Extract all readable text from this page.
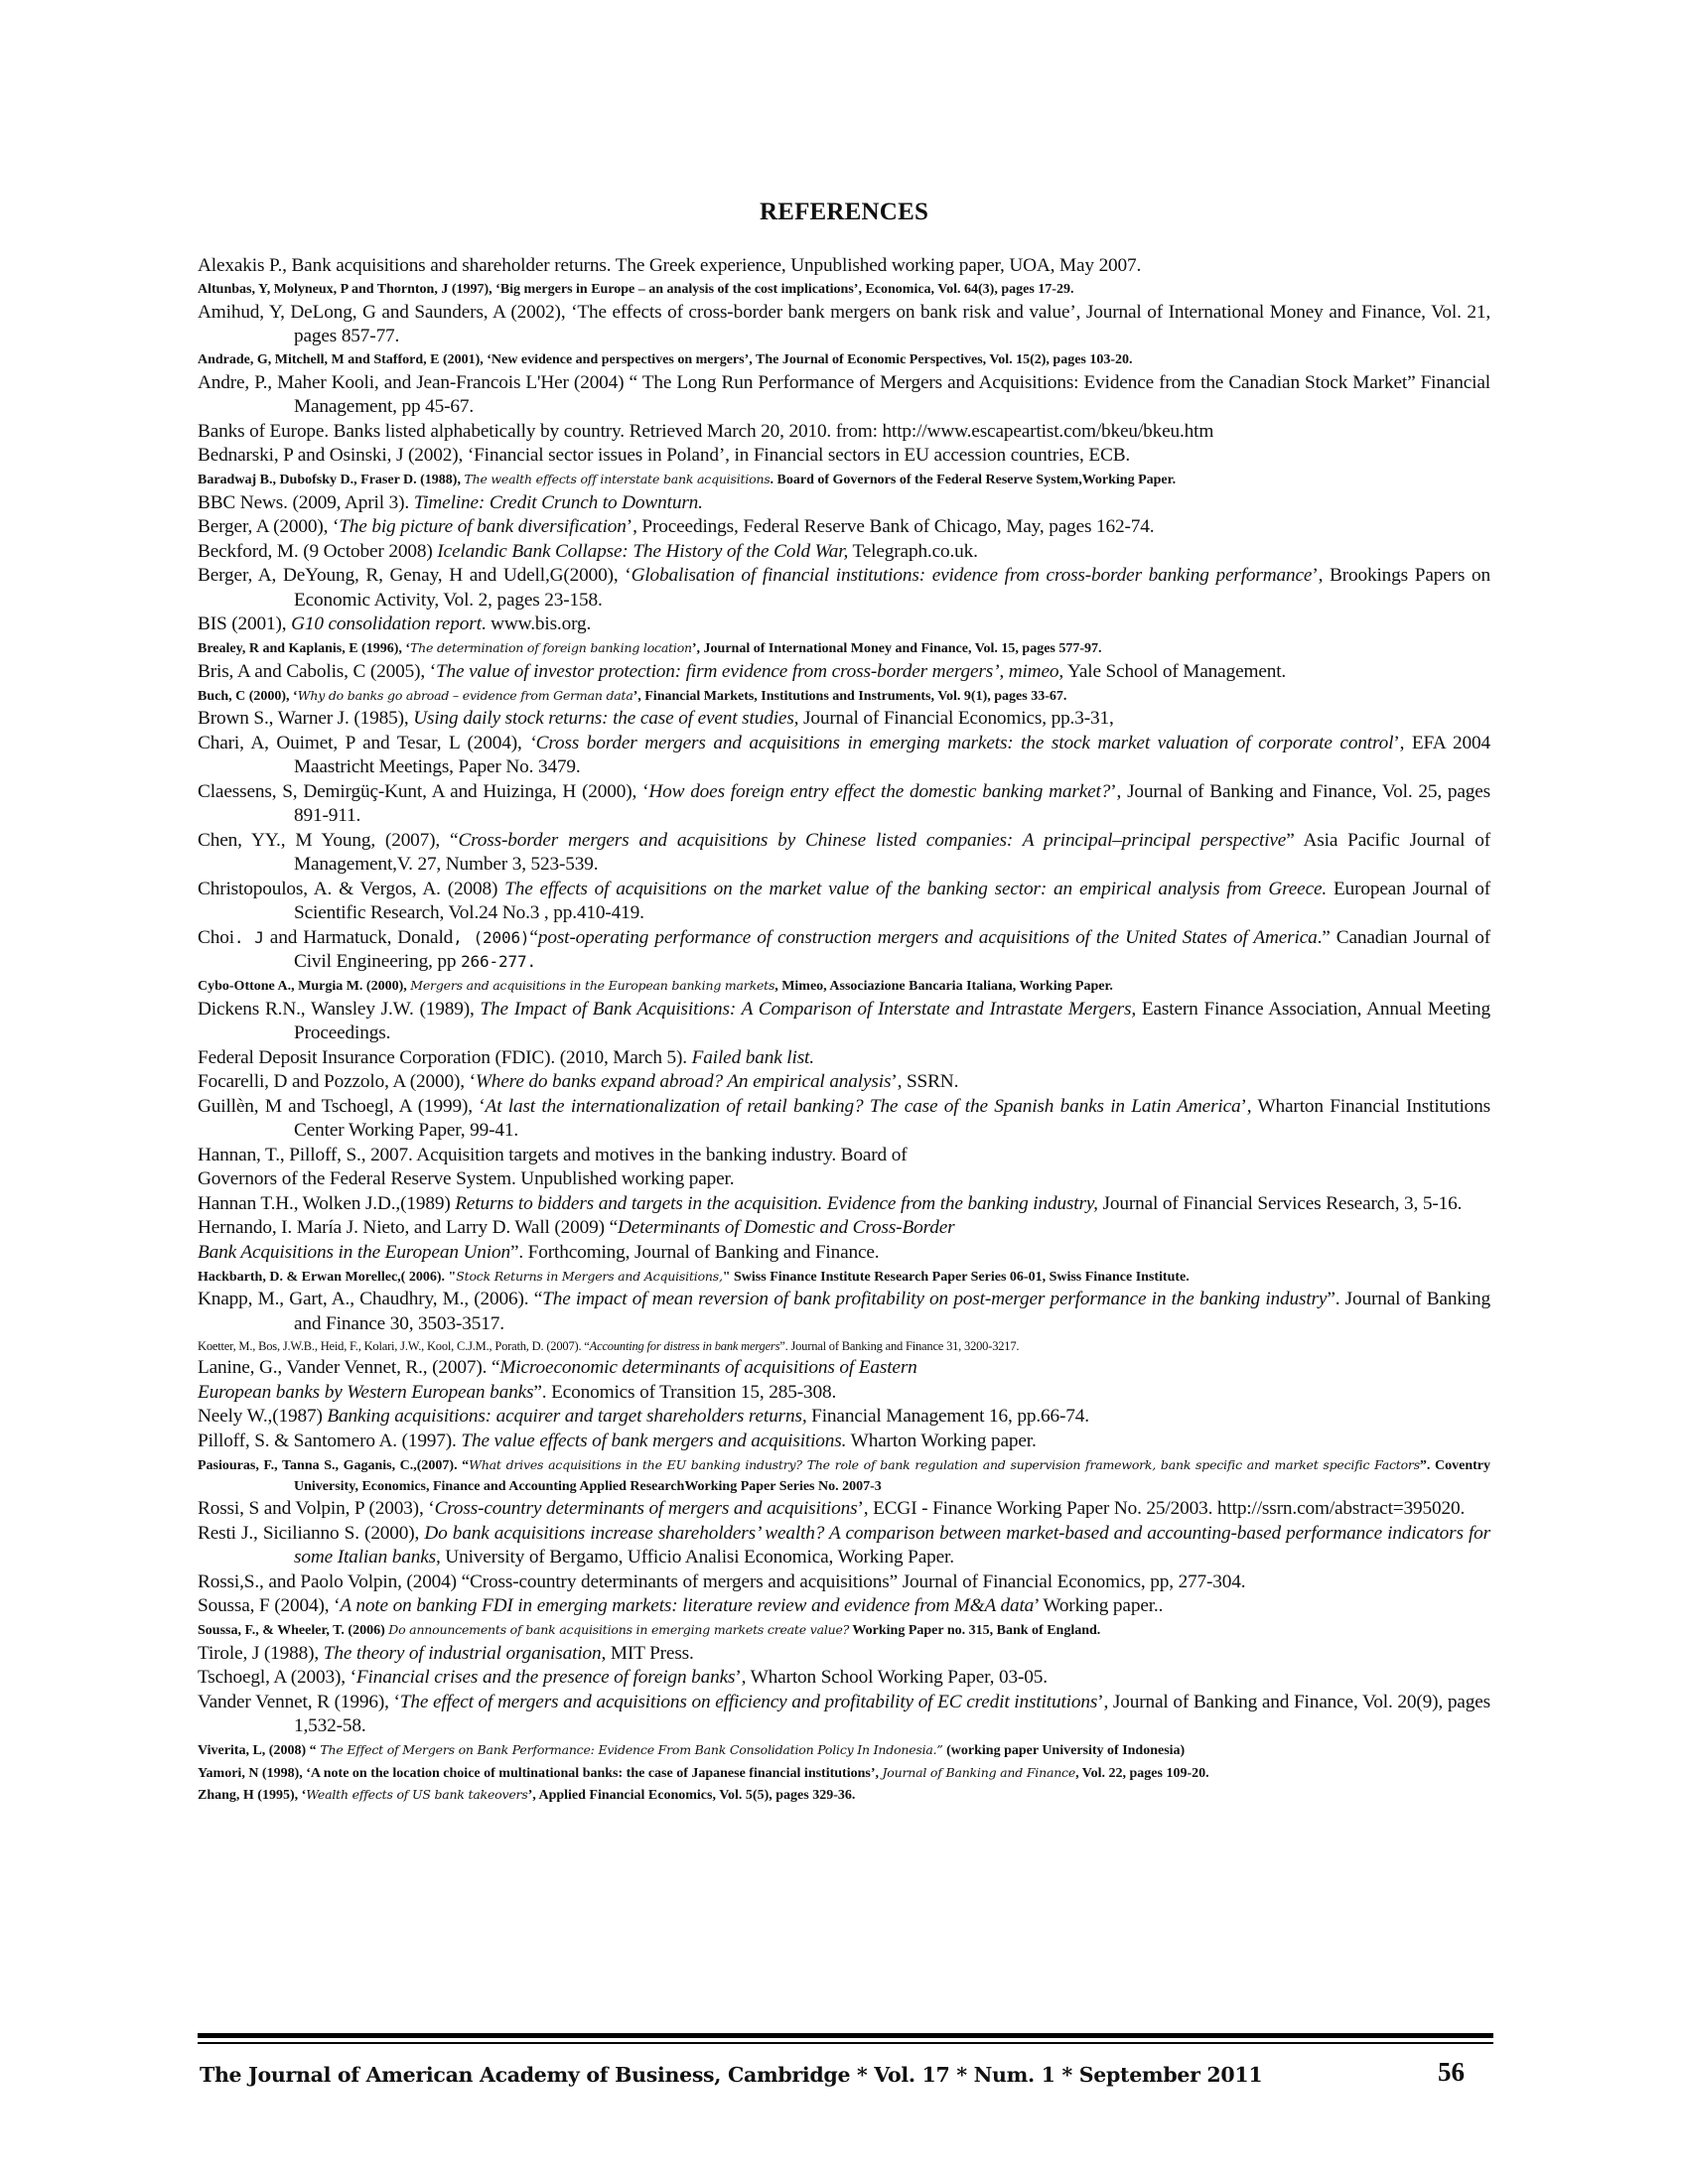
REFERENCES
Alexakis P., Bank acquisitions and shareholder returns. The Greek experience, Unpublished working paper, UOA, May 2007.
Altunbas, Y, Molyneux, P and Thornton, J (1997), ‘Big mergers in Europe – an analysis of the cost implications’, Economica, Vol. 64(3), pages 17-29.
Amihud, Y, DeLong, G and Saunders, A (2002), ‘The effects of cross-border bank mergers on bank risk and value’, Journal of International Money and Finance, Vol. 21, pages 857-77.
Andrade, G, Mitchell, M and Stafford, E (2001), ‘New evidence and perspectives on mergers’, The Journal of Economic Perspectives, Vol. 15(2), pages 103-20.
Andre, P., Maher Kooli, and Jean-Francois L'Her (2004) “ The Long Run Performance of Mergers and Acquisitions: Evidence from the Canadian Stock Market” Financial Management, pp 45-67.
Banks of Europe. Banks listed alphabetically by country. Retrieved March 20, 2010. from: http://www.escapeartist.com/bkeu/bkeu.htm
Bednarski, P and Osinski, J (2002), ‘Financial sector issues in Poland’, in Financial sectors in EU accession countries, ECB.
Baradwaj B., Dubofsky D., Fraser D. (1988), The wealth effects off interstate bank acquisitions. Board of Governors of the Federal Reserve System,Working Paper.
BBC News. (2009, April 3). Timeline: Credit Crunch to Downturn.
Berger, A (2000), ‘The big picture of bank diversification’, Proceedings, Federal Reserve Bank of Chicago, May, pages 162-74.
Beckford, M. (9 October 2008) Icelandic Bank Collapse: The History of the Cold War, Telegraph.co.uk.
Berger, A, DeYoung, R, Genay, H and Udell,G(2000), ‘Globalisation of financial institutions: evidence from cross-border banking performance’, Brookings Papers on Economic Activity, Vol. 2, pages 23-158.
BIS (2001), G10 consolidation report. www.bis.org.
Brealey, R and Kaplanis, E (1996), ‘The determination of foreign banking location’, Journal of International Money and Finance, Vol. 15, pages 577-97.
Bris, A and Cabolis, C (2005), ‘The value of investor protection: firm evidence from cross-border mergers’, mimeo, Yale School of Management.
Buch, C (2000), ‘Why do banks go abroad – evidence from German data’, Financial Markets, Institutions and Instruments, Vol. 9(1), pages 33-67.
Brown S., Warner J. (1985), Using daily stock returns: the case of event studies, Journal of Financial Economics, pp.3-31,
Chari, A, Ouimet, P and Tesar, L (2004), ‘Cross border mergers and acquisitions in emerging markets: the stock market valuation of corporate control’, EFA 2004 Maastricht Meetings, Paper No. 3479.
Claessens, S, Demirgüç-Kunt, A and Huizinga, H (2000), ‘How does foreign entry effect the domestic banking market?’, Journal of Banking and Finance, Vol. 25, pages 891-911.
Chen, YY., M Young, (2007), “Cross-border mergers and acquisitions by Chinese listed companies: A principal–principal perspective” Asia Pacific Journal of Management,V. 27, Number 3, 523-539.
Christopoulos, A. & Vergos, A. (2008) The effects of acquisitions on the market value of the banking sector: an empirical analysis from Greece. European Journal of Scientific Research, Vol.24 No.3 , pp.410-419.
Choi. J and Harmatuck, Donald, (2006)“post-operating performance of construction mergers and acquisitions of the United States of America.” Canadian Journal of Civil Engineering, pp 266-277.
Cybo-Ottone A., Murgia M. (2000), Mergers and acquisitions in the European banking markets, Mimeo, Associazione Bancaria Italiana, Working Paper.
Dickens R.N., Wansley J.W. (1989), The Impact of Bank Acquisitions: A Comparison of Interstate and Intrastate Mergers, Eastern Finance Association, Annual Meeting Proceedings.
Federal Deposit Insurance Corporation (FDIC). (2010, March 5). Failed bank list.
Focarelli, D and Pozzolo, A (2000), ‘Where do banks expand abroad? An empirical analysis’, SSRN.
Guillèn, M and Tschoegl, A (1999), ‘At last the internationalization of retail banking? The case of the Spanish banks in Latin America’, Wharton Financial Institutions Center Working Paper, 99-41.
Hannan, T., Pilloff, S., 2007. Acquisition targets and motives in the banking industry. Board of
Governors of the Federal Reserve System. Unpublished working paper.
Hannan T.H., Wolken J.D.,(1989) Returns to bidders and targets in the acquisition. Evidence from the banking industry, Journal of Financial Services Research, 3, 5-16.
Hernando, I. María J. Nieto, and Larry D. Wall (2009) “Determinants of Domestic and Cross-Border
Bank Acquisitions in the European Union”. Forthcoming, Journal of Banking and Finance.
Hackbarth, D. & Erwan Morellec,( 2006). "Stock Returns in Mergers and Acquisitions," Swiss Finance Institute Research Paper Series 06-01, Swiss Finance Institute.
Knapp, M., Gart, A., Chaudhry, M., (2006). “The impact of mean reversion of bank profitability on post-merger performance in the banking industry”. Journal of Banking and Finance 30, 3503-3517.
Koetter, M., Bos, J.W.B., Heid, F., Kolari, J.W., Kool, C.J.M., Porath, D. (2007). “Accounting for distress in bank mergers”. Journal of Banking and Finance 31, 3200-3217.
Lanine, G., Vander Vennet, R., (2007). “Microeconomic determinants of acquisitions of Eastern
European banks by Western European banks”. Economics of Transition 15, 285-308.
Neely W.,(1987) Banking acquisitions: acquirer and target shareholders returns, Financial Management 16, pp.66-74.
Pilloff, S. & Santomero A. (1997). The value effects of bank mergers and acquisitions. Wharton Working paper.
Pasiouras, F., Tanna S., Gaganis, C.,(2007). “What drives acquisitions in the EU banking industry? The role of bank regulation and supervision framework, bank specific and market specific Factors”. Coventry University, Economics, Finance and Accounting Applied ResearchWorking Paper Series No. 2007-3
Rossi, S and Volpin, P (2003), ‘Cross-country determinants of mergers and acquisitions’, ECGI - Finance Working Paper No. 25/2003. http://ssrn.com/abstract=395020.
Resti J., Sicilianno S. (2000), Do bank acquisitions increase shareholders’ wealth? A comparison between market-based and accounting-based performance indicators for some Italian banks, University of Bergamo, Ufficio Analisi Economica, Working Paper.
Rossi,S., and Paolo Volpin, (2004) “Cross-country determinants of mergers and acquisitions” Journal of Financial Economics, pp, 277-304.
Soussa, F (2004), ‘A note on banking FDI in emerging markets: literature review and evidence from M&A data’ Working paper..
Soussa, F., & Wheeler, T. (2006) Do announcements of bank acquisitions in emerging markets create value? Working Paper no. 315, Bank of England.
Tirole, J (1988), The theory of industrial organisation, MIT Press.
Tschoegl, A (2003), ‘Financial crises and the presence of foreign banks’, Wharton School Working Paper, 03-05.
Vander Vennet, R (1996), ‘The effect of mergers and acquisitions on efficiency and profitability of EC credit institutions’, Journal of Banking and Finance, Vol. 20(9), pages 1,532-58.
Viverita, L, (2008) “ The Effect of Mergers on Bank Performance: Evidence From Bank Consolidation Policy In Indonesia.” (working paper University of Indonesia)
Yamori, N (1998), ‘A note on the location choice of multinational banks: the case of Japanese financial institutions’, Journal of Banking and Finance, Vol. 22, pages 109-20.
Zhang, H (1995), ‘Wealth effects of US bank takeovers’, Applied Financial Economics, Vol. 5(5), pages 329-36.
The Journal of American Academy of Business, Cambridge * Vol. 17 * Num. 1 * September 2011	56
